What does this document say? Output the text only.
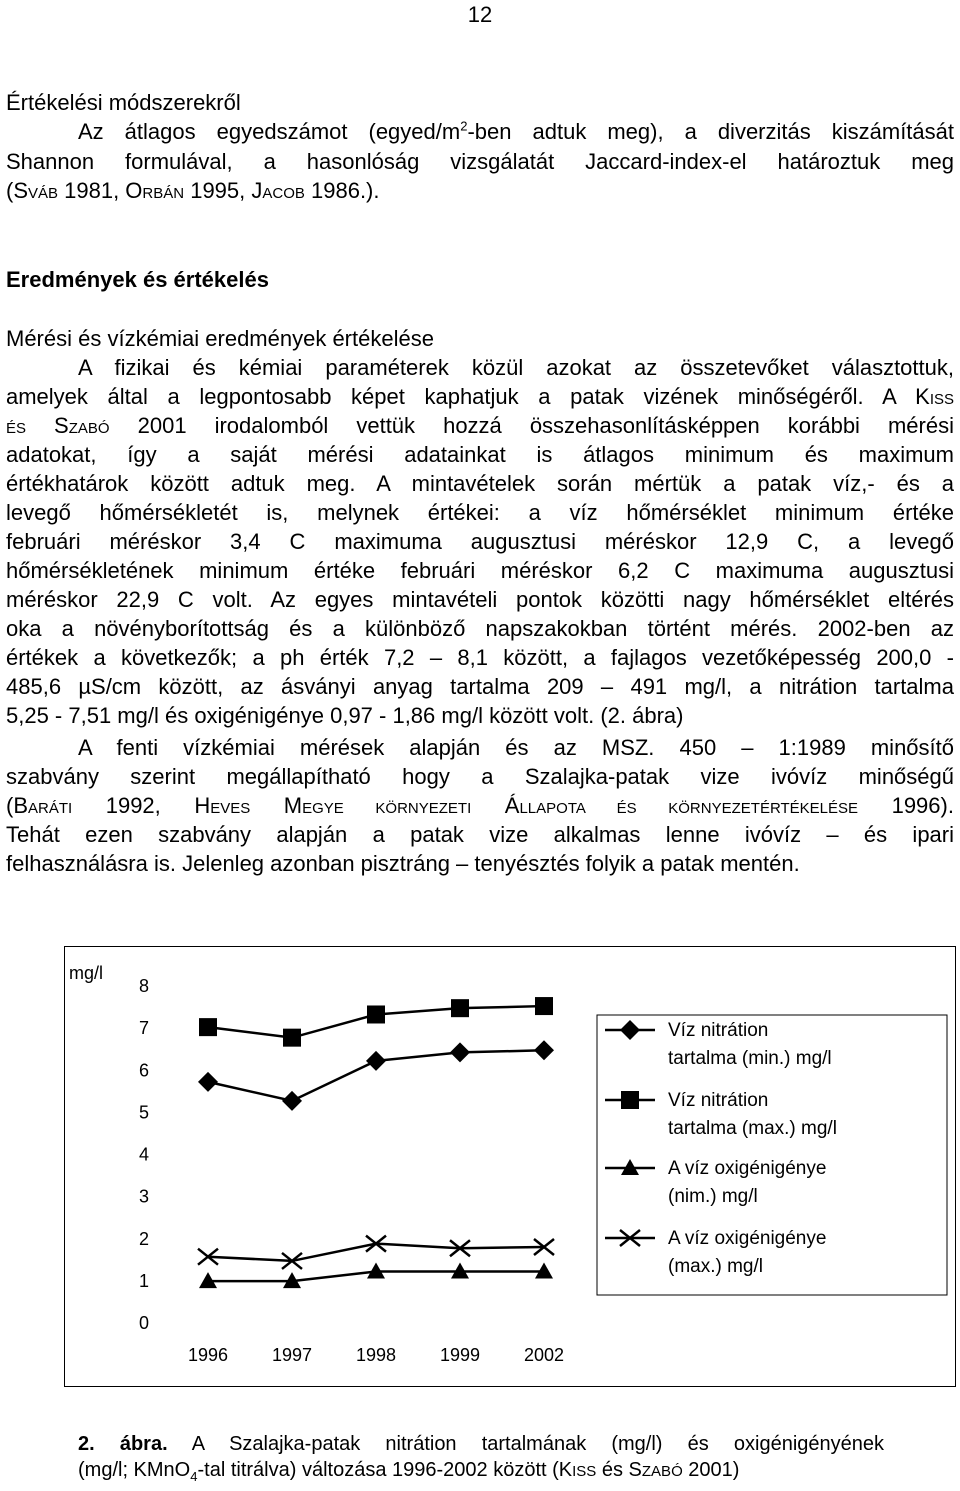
12
Értékelési módszerekről
Az átlagos egyedszámot ($egyed/m^2$-ben adtuk meg), a diverzitás kiszámítását
Shannon formulával, a hasonlóság vizsgálatát Jaccard-index-el határoztuk meg
(SVÁB 1981, ORBÁN 1995, JACOB 1986.).
Eredmények és értékelés
Mérési és vízkémiai eredmények értékelése
A fizikai és kémiai paraméterek közül azokat az összetevőket választottuk,
amelyek által a legpontosabb képet kaphatjuk a patak vizének minőségéről. A KISS
ÉS SZABÓ 2001 irodalomból vettük hozzá összehasonlításképpen korábbi mérési
adatokat, így a saját mérési adatainkat is átlagos minimum és maximum
értékhatárok között adtuk meg. A mintavételek során mértük a patak víz,- és a
levegő hőmérsékletét is, melynek értékei: a víz hőmérséklet minimum értéke
februári méréskor 3,4 C maximuma augusztusi méréskor 12,9 C, a levegő
hőmérsékletének minimum értéke februári méréskor 6,2 C maximuma augusztusi
méréskor 22,9 C volt. Az egyes mintavételi pontok közötti nagy hőmérséklet eltérés
oka a növényborítottság és a különböző napszakokban történt mérés. 2002-ben az
értékek a következők; a ph érték 7,2 – 8,1 között, a fajlagos vezetőképesség 200,0 -
485,6 µS/cm között, az ásványi anyag tartalma 209 – 491 mg/l, a nitrátion tartalma
5,25 - 7,51 mg/l és oxigénigénye 0,97 - 1,86 mg/l között volt. (2. ábra)
A fenti vízkémiai mérések alapján és az MSZ. 450 – 1:1989 minősítő
szabvány szerint megállapítható hogy a Szalajka-patak vize ivóvíz minőségű
(BARÁTI 1992, HEVES MEGYE KÖRNYEZETI ÁLLAPOTA ÉS KÖRNYEZETÉRTÉKELÉSE 1996).
Tehát ezen szabvány alapján a patak vize alkalmas lenne ivóvíz – és ipari
felhasználásra is. Jelenleg azonban pisztráng – tenyésztés folyik a patak mentén.
mg/l
0
1
2
3
4
5
6
7
8
1996 1997 1998 1999 2002
Víz nitrátion
tartalma (min.) mg/l
Víz nitrátion
tartalma (max.) mg/l
A víz oxigénigénye
(nim.) mg/l
A víz oxigénigénye
(max.) mg/l
2. ábra. A Szalajka-patak nitrátion tartalmának (mg/l) és oxigénigényének
(mg/l; KMnO$_4$-tal titrálva) változása 1996-2002 között (KISS és SZABÓ 2001)
